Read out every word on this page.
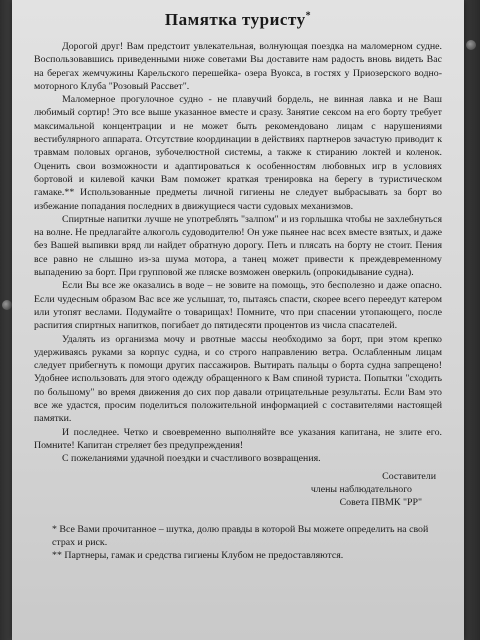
Памятка туристу*

Дорогой друг! Вам предстоит увлекательная, волнующая поездка на маломерном судне. Воспользовавшись приведенными ниже советами Вы доставите нам радость вновь видеть Вас на берегах жемчужины Карельского перешейка- озера Вуокса, в гостях у Приозерского водно-моторного Клуба "Розовый Рассвет".

Маломерное прогулочное судно - не плавучий бордель, не винная лавка и не Ваш любимый сортир! Это все выше указанное вместе и сразу. Занятие сексом на его борту требует максимальной концентрации и не может быть рекомендовано лицам с нарушениями вестибулярного аппарата. Отсутствие координации в действиях партнеров зачастую приводит к травмам половых органов, зубочелюстной системы, а также к стиранию локтей и коленок. Оценить свои возможности и адаптироваться к особенностям любовных игр в условиях бортовой и килевой качки Вам поможет краткая тренировка на берегу в туристическом гамаке.** Использованные предметы личной гигиены не следует выбрасывать за борт во избежание попадания последних в движущиеся части судовых механизмов.

Спиртные напитки лучше не употреблять "залпом" и из горлышка чтобы не захлебнуться на волне. Не предлагайте алкоголь судоводителю! Он уже пьянее нас всех вместе взятых, и даже без Вашей выпивки вряд ли найдет обратную дорогу. Петь и плясать на борту не стоит. Пения все равно не слышно из-за шума мотора, а танец может привести к преждевременному выпадению за борт. При групповой же пляске возможен оверкиль (опрокидывание судна).

Если Вы все же оказались в воде – не зовите на помощь, это бесполезно и даже опасно. Если чудесным образом Вас все же услышат, то, пытаясь спасти, скорее всего переедут катером или утопят веслами. Подумайте о товарищах! Помните, что при спасении утопающего, после распития спиртных напитков, погибает до пятидесяти процентов из числа спасателей.

Удалять из организма мочу и рвотные массы необходимо за борт, при этом крепко удерживаясь руками за корпус судна, и со строго направлению ветра. Ослабленным лицам следует прибегнуть к помощи других пассажиров. Вытирать пальцы о борта судна запрещено! Удобнее использовать для этого одежду обращенного к Вам спиной туриста. Попытки "сходить по большому" во время движения до сих пор давали отрицательные результаты. Если Вам это все же удастся, просим поделиться положительной информацией с составителями настоящей памятки.

И последнее. Четко и своевременно выполняйте все указания капитана, не злите его. Помните! Капитан стреляет без предупреждения!

С пожеланиями удачной поездки и счастливого возвращения.

Составители
члены наблюдательного
Совета ПВМК "РР"
* Все Вами прочитанное – шутка, долю правды в которой Вы можете определить на свой страх и риск.
** Партнеры, гамак и средства гигиены Клубом не предоставляются.
